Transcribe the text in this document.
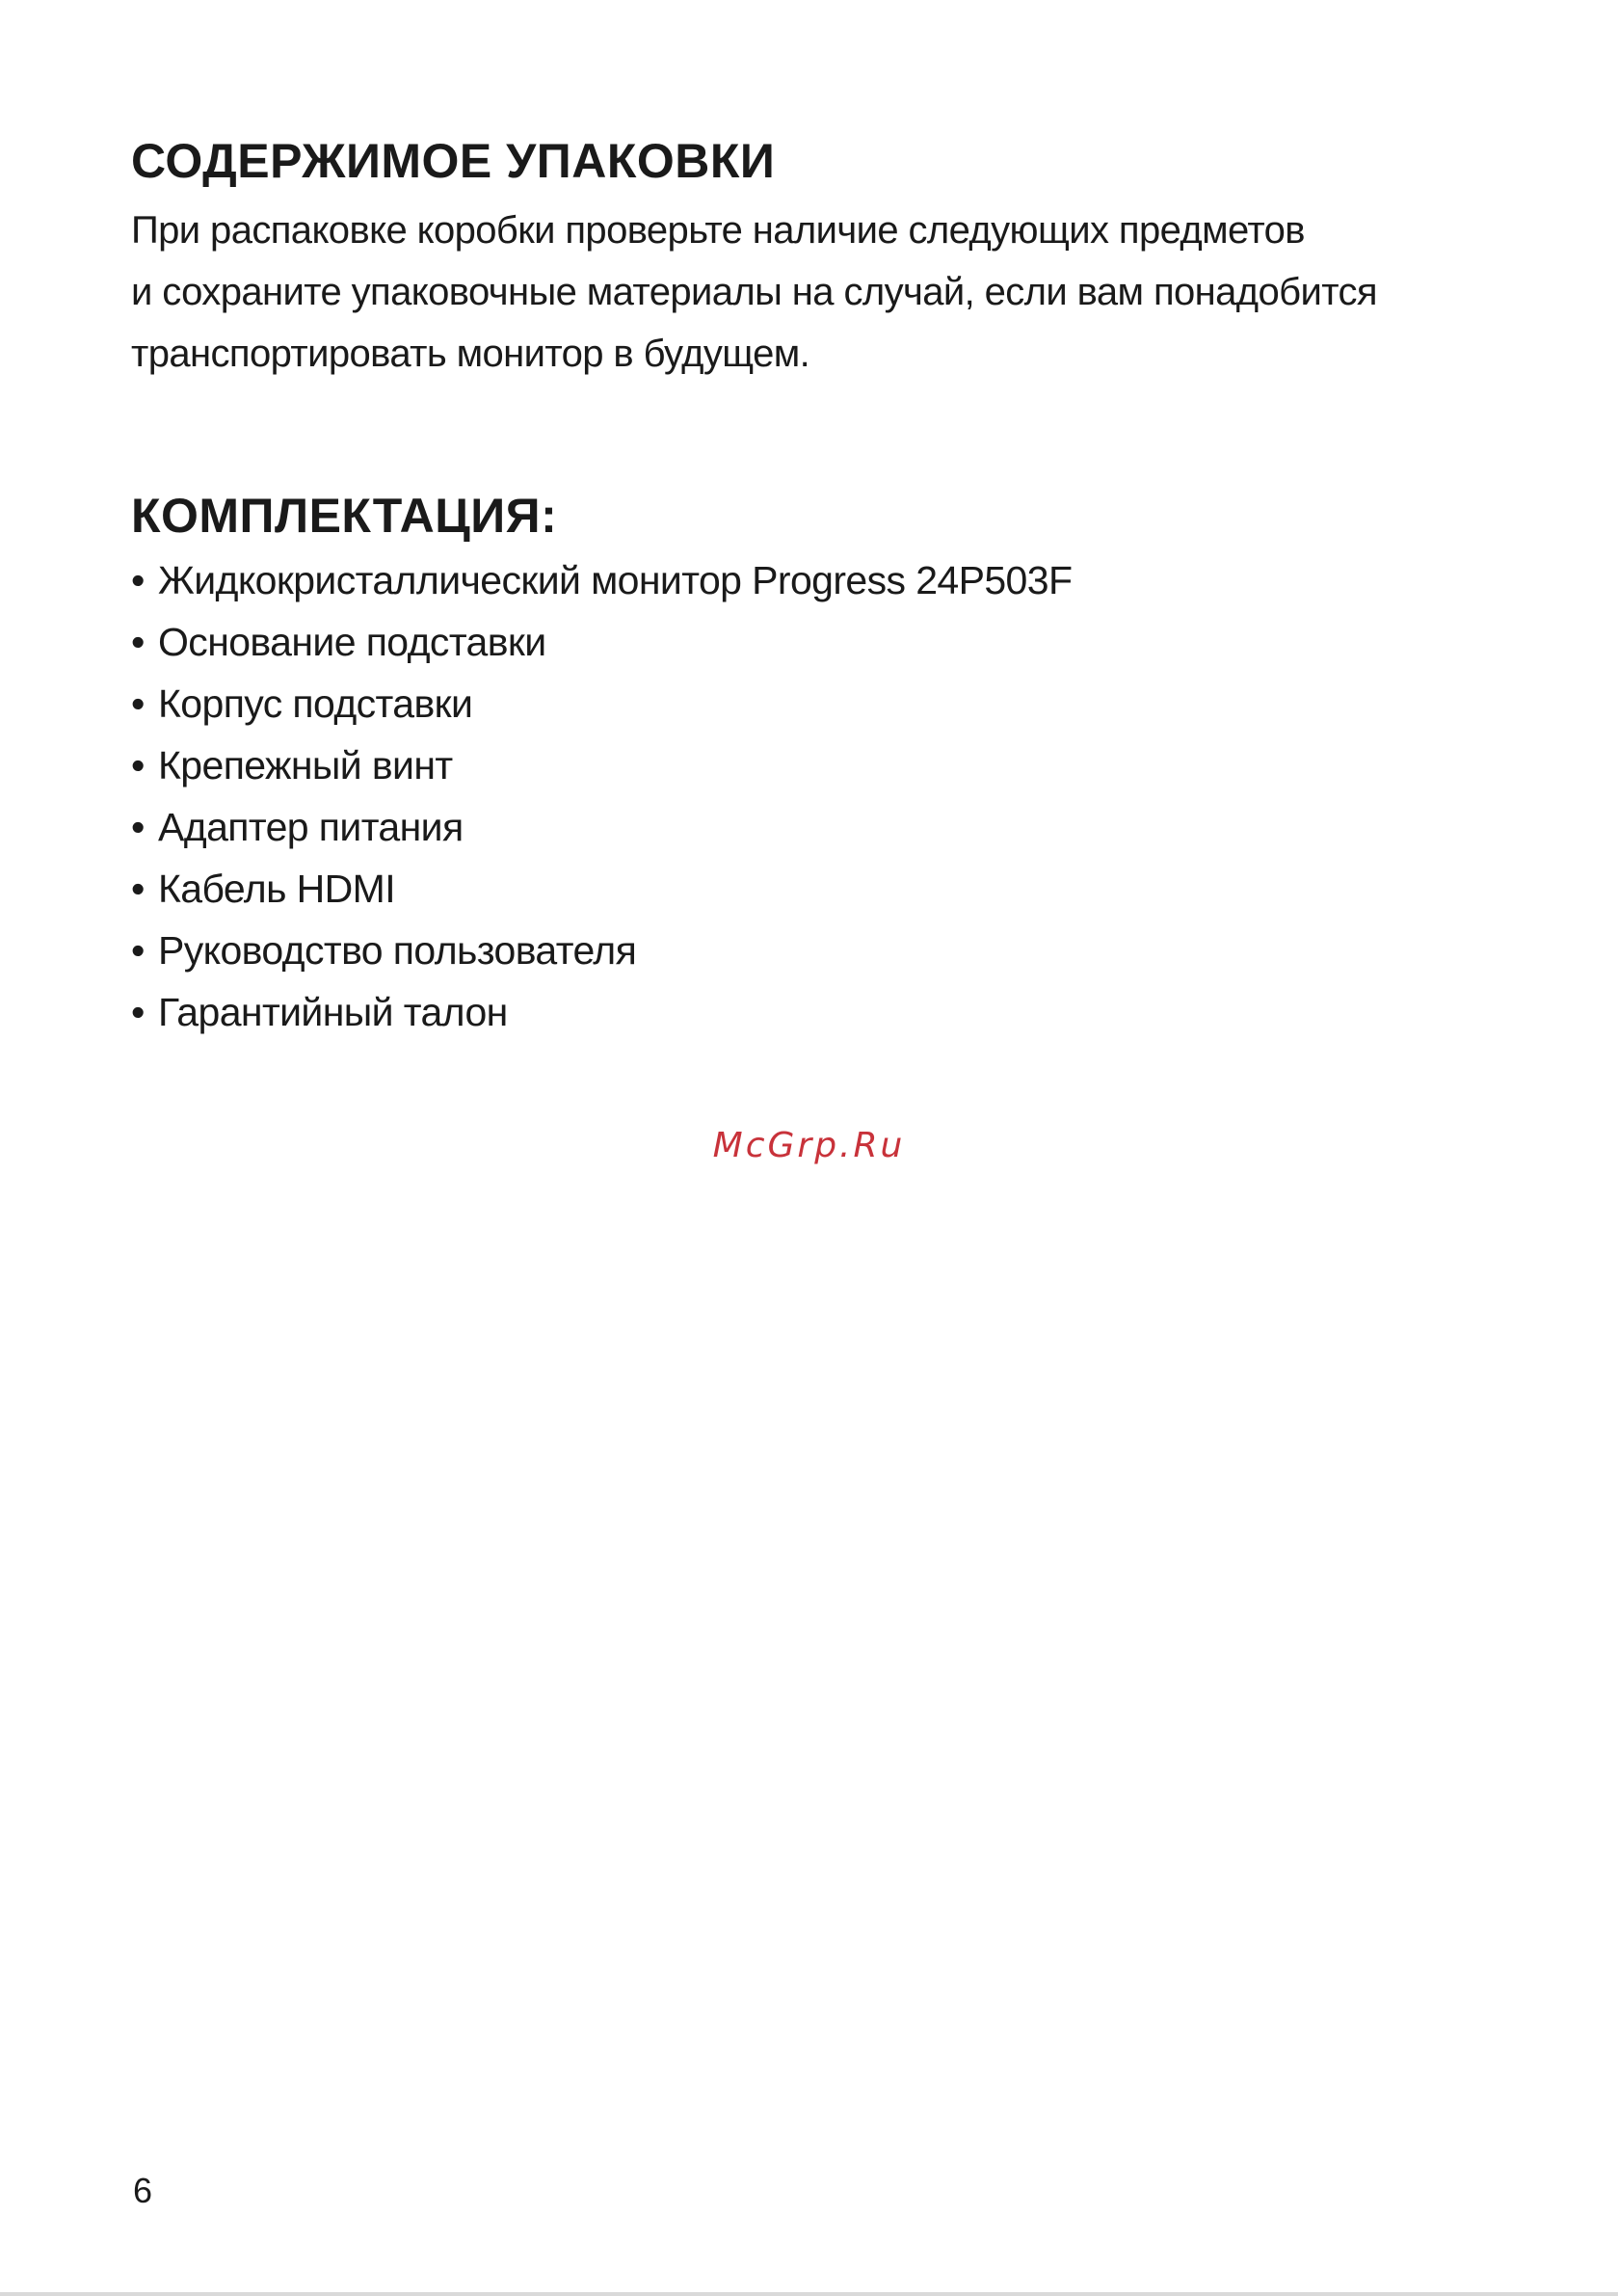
СОДЕРЖИМОЕ УПАКОВКИ

При распаковке коробки проверьте наличие следующих предметов
и сохраните упаковочные материалы на случай, если вам понадобится
транспортировать монитор в будущем.

КОМПЛЕКТАЦИЯ:
• Жидкокристаллический монитор Progress 24P503F
• Основание подставки
• Корпус подставки
• Крепежный винт
• Адаптер питания
• Кабель HDMI
• Руководство пользователя
• Гарантийный талон
McGrp.Ru
6
